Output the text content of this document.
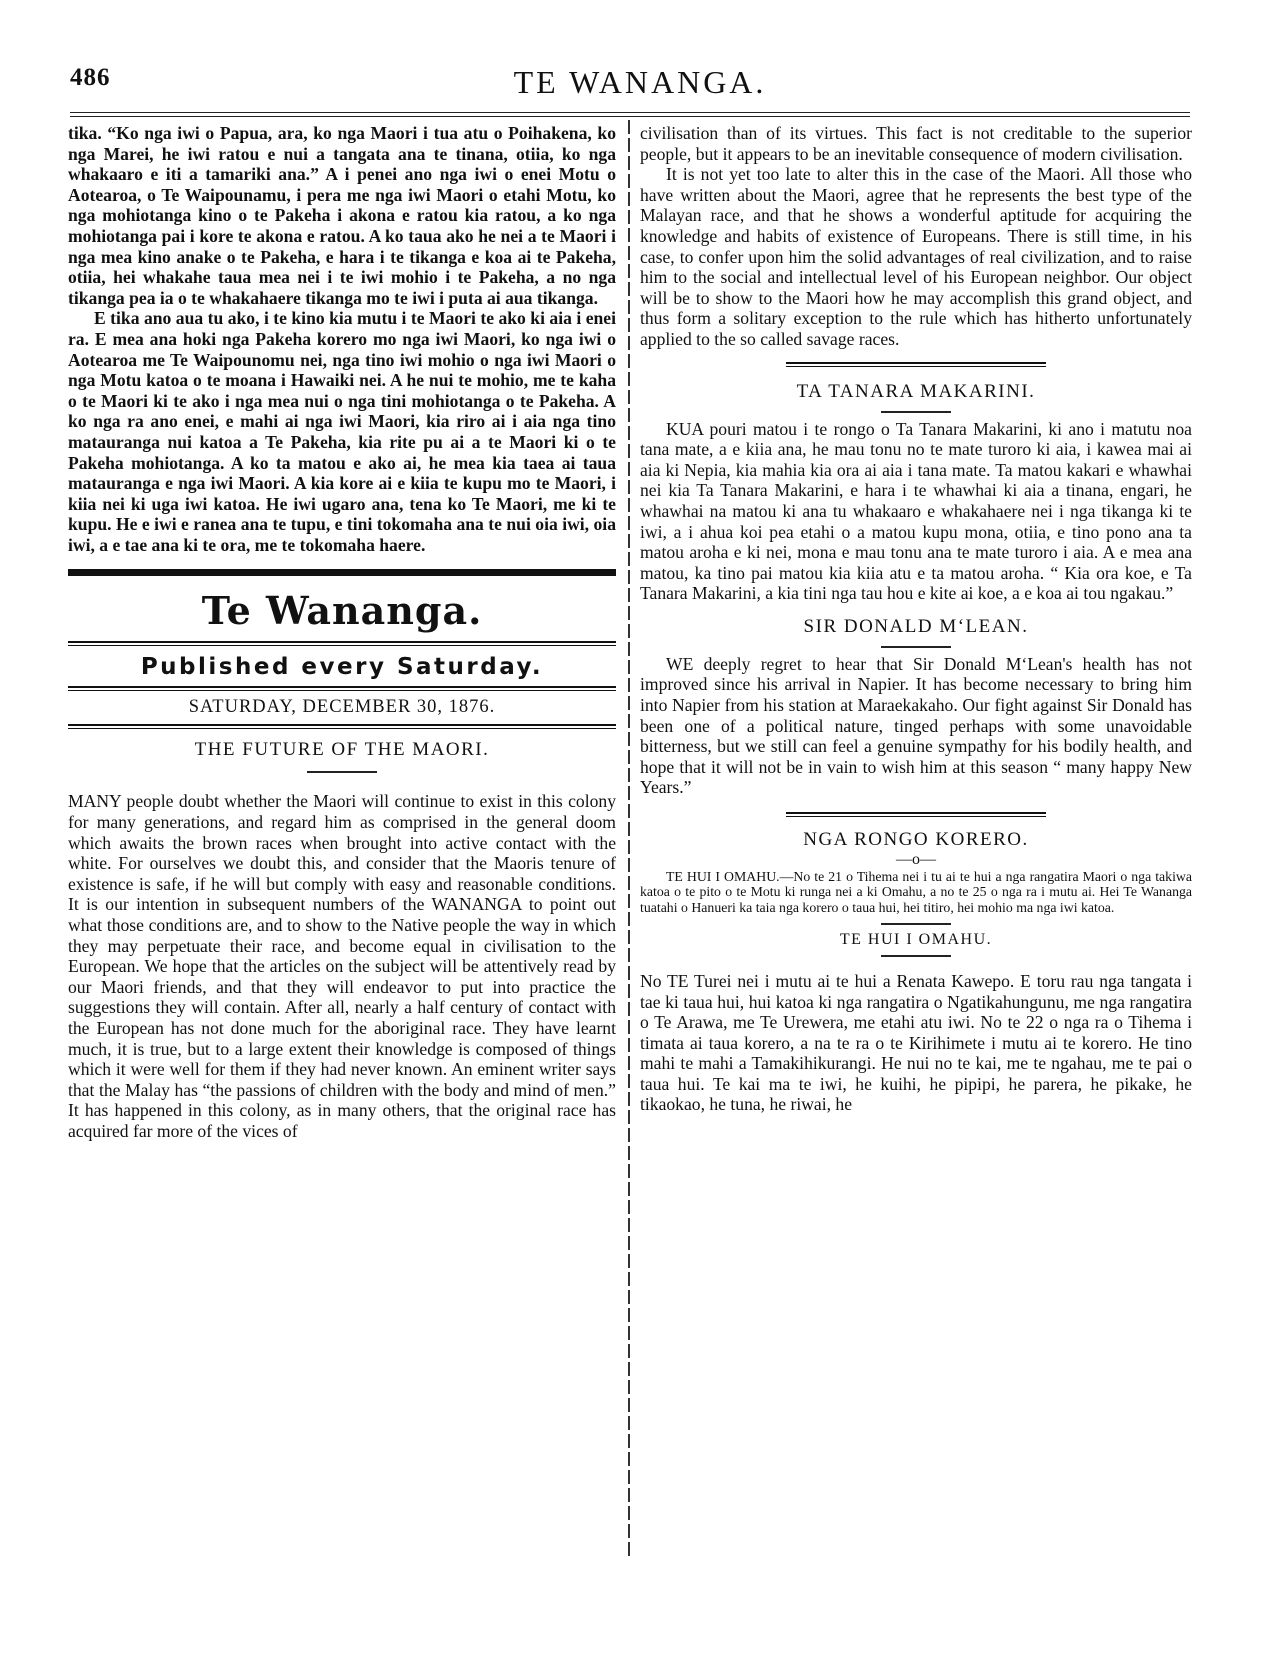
486	TE WANANGA.

tika. “Ko nga iwi o Papua, ara, ko nga Maori i tua atu o Poihakena, ko nga Marei, he iwi ratou e nui a tangata ana te tinana, otiia, ko nga whakaaro e iti a tamariki ana.” A i penei ano nga iwi o enei Motu o Aotearoa, o Te Waipounamu, i pera me nga iwi Maori o etahi Motu, ko nga mohiotanga kino o te Pakeha i akona e ratou kia ratou, a ko nga mohiotanga pai i kore te akona e ratou. A ko taua ako he nei a te Maori i nga mea kino anake o te Pakeha, e hara i te tikanga e koa ai te Pakeha, otiia, hei whakahe taua mea nei i te iwi mohio i te Pakeha, a no nga tikanga pea ia o te whakahaere tikanga mo te iwi i puta ai aua tikanga.

E tika ano aua tu ako, i te kino kia mutu i te Maori te ako ki aia i enei ra. E mea ana hoki nga Pakeha korero mo nga iwi Maori, ko nga iwi o Aotearoa me Te Waipounomu nei, nga tino iwi mohio o nga iwi Maori o nga Motu katoa o te moana i Hawaiki nei. A he nui te mohio, me te kaha o te Maori ki te ako i nga mea nui o nga tini mohiotanga o te Pakeha. A ko nga ra ano enei, e mahi ai nga iwi Maori, kia riro ai i aia nga tino matauranga nui katoa a Te Pakeha, kia rite pu ai a te Maori ki o te Pakeha mohiotanga. A ko ta matou e ako ai, he mea kia taea ai taua matauranga e nga iwi Maori. A kia kore ai e kiia te kupu mo te Maori, i kiia nei ki uga iwi katoa. He iwi ugaro ana, tena ko Te Maori, me ki te kupu. He e iwi e ranea ana te tupu, e tini tokomaha ana te nui oia iwi, oia iwi, a e tae ana ki te ora, me te tokomaha haere.

Te Wananga.

Published every Saturday.

SATURDAY, DECEMBER 30, 1876.

THE FUTURE OF THE MAORI.

MANY people doubt whether the Maori will continue to exist in this colony for many generations, and regard him as comprised in the general doom which awaits the brown races when brought into active contact with the white. For ourselves we doubt this, and consider that the Maoris tenure of existence is safe, if he will but comply with easy and reasonable conditions. It is our intention in subsequent numbers of the WANANGA to point out what those conditions are, and to show to the Native people the way in which they may perpetuate their race, and become equal in civilisation to the European. We hope that the articles on the subject will be attentively read by our Maori friends, and that they will endeavor to put into practice the suggestions they will contain. After all, nearly a half century of contact with the European has not done much for the aboriginal race. They have learnt much, it is true, but to a large extent their knowledge is composed of things which it were well for them if they had never known. An eminent writer says that the Malay has “the passions of children with the body and mind of men.” It has happened in this colony, as in many others, that the original race has acquired far more of the vices of

civilisation than of its virtues. This fact is not creditable to the superior people, but it appears to be an inevitable consequence of modern civilisation.

It is not yet too late to alter this in the case of the Maori. All those who have written about the Maori, agree that he represents the best type of the Malayan race, and that he shows a wonderful aptitude for acquiring the knowledge and habits of existence of Europeans. There is still time, in his case, to confer upon him the solid advantages of real civilization, and to raise him to the social and intellectual level of his European neighbor. Our object will be to show to the Maori how he may accomplish this grand object, and thus form a solitary exception to the rule which has hitherto unfortunately applied to the so called savage races.

TA TANARA MAKARINI.

KUA pouri matou i te rongo o Ta Tanara Makarini, ki ano i matutu noa tana mate, a e kiia ana, he mau tonu no te mate turoro ki aia, i kawea mai ai aia ki Nepia, kia mahia kia ora ai aia i tana mate. Ta matou kakari e whawhai nei kia Ta Tanara Makarini, e hara i te whawhai ki aia a tinana, engari, he whawhai na matou ki ana tu whakaaro e whakahaere nei i nga tikanga ki te iwi, a i ahua koi pea etahi o a matou kupu mona, otiia, e tino pono ana ta matou aroha e ki nei, mona e mau tonu ana te mate turoro i aia. A e mea ana matou, ka tino pai matou kia kiia atu e ta matou aroha. “ Kia ora koe, e Ta Tanara Makarini, a kia tini nga tau hou e kite ai koe, a e koa ai tou ngakau.”

SIR DONALD M‘LEAN.

WE deeply regret to hear that Sir Donald M‘Lean's health has not improved since his arrival in Napier. It has become necessary to bring him into Napier from his station at Maraekakaho. Our fight against Sir Donald has been one of a political nature, tinged perhaps with some unavoidable bitterness, but we still can feel a genuine sympathy for his bodily health, and hope that it will not be in vain to wish him at this season “ many happy New Years.”

NGA RONGO KORERO.

—o—

TE HUI I OMAHU.—No te 21 o Tihema nei i tu ai te hui a nga rangatira Maori o nga takiwa katoa o te pito o te Motu ki runga nei a ki Omahu, a no te 25 o nga ra i mutu ai. Hei Te Wananga tuatahi o Hanueri ka taia nga korero o taua hui, hei titiro, hei mohio ma nga iwi katoa.

TE HUI I OMAHU.

No TE Turei nei i mutu ai te hui a Renata Kawepo. E toru rau nga tangata i tae ki taua hui, hui katoa ki nga rangatira o Ngatikahungunu, me nga rangatira o Te Arawa, me Te Urewera, me etahi atu iwi. No te 22 o nga ra o Tihema i timata ai taua korero, a na te ra o te Kirihimete i mutu ai te korero. He tino mahi te mahi a Tamakihikurangi. He nui no te kai, me te ngahau, me te pai o taua hui. Te kai ma te iwi, he kuihi, he pipipi, he parera, he pikake, he tikaokao, he tuna, he riwai, he
